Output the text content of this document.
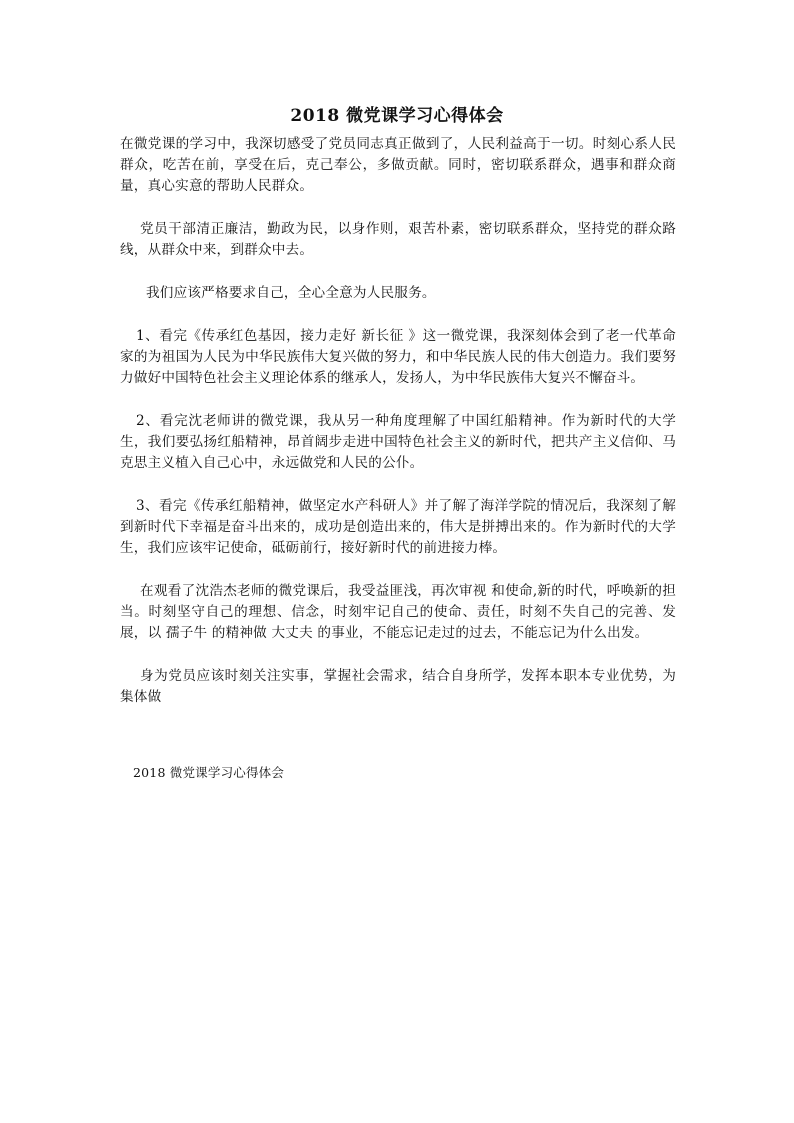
2018 微党课学习心得体会

在微党课的学习中，我深切感受了党员同志真正做到了，人民利益高于一切。时刻心系人民群众，吃苦在前，享受在后，克己奉公，多做贡献。同时，密切联系群众，遇事和群众商量，真心实意的帮助人民群众。

党员干部清正廉洁，勤政为民，以身作则，艰苦朴素，密切联系群众，坚持党的群众路线，从群众中来，到群众中去。

我们应该严格要求自己，全心全意为人民服务。

1、看完《传承红色基因，接力走好 新长征 》这一微党课，我深刻体会到了老一代革命家的为祖国为人民为中华民族伟大复兴做的努力，和中华民族人民的伟大创造力。我们要努力做好中国特色社会主义理论体系的继承人，发扬人，为中华民族伟大复兴不懈奋斗。

2、看完沈老师讲的微党课，我从另一种角度理解了中国红船精神。作为新时代的大学生，我们要弘扬红船精神，昂首阔步走进中国特色社会主义的新时代，把共产主义信仰、马克思主义植入自己心中，永远做党和人民的公仆。

3、看完《传承红船精神，做坚定水产科研人》并了解了海洋学院的情况后，我深刻了解到新时代下幸福是奋斗出来的，成功是创造出来的，伟大是拼搏出来的。作为新时代的大学生，我们应该牢记使命，砥砺前行，接好新时代的前进接力棒。

在观看了沈浩杰老师的微党课后，我受益匪浅，再次审视 和使命,新的时代，呼唤新的担当。时刻坚守自己的理想、信念，时刻牢记自己的使命、责任，时刻不失自己的完善、发展，以 孺子牛 的精神做 大丈夫 的事业，不能忘记走过的过去，不能忘记为什么出发。

身为党员应该时刻关注实事，掌握社会需求，结合自身所学，发挥本职本专业优势，为集体做

2018 微党课学习心得体会
